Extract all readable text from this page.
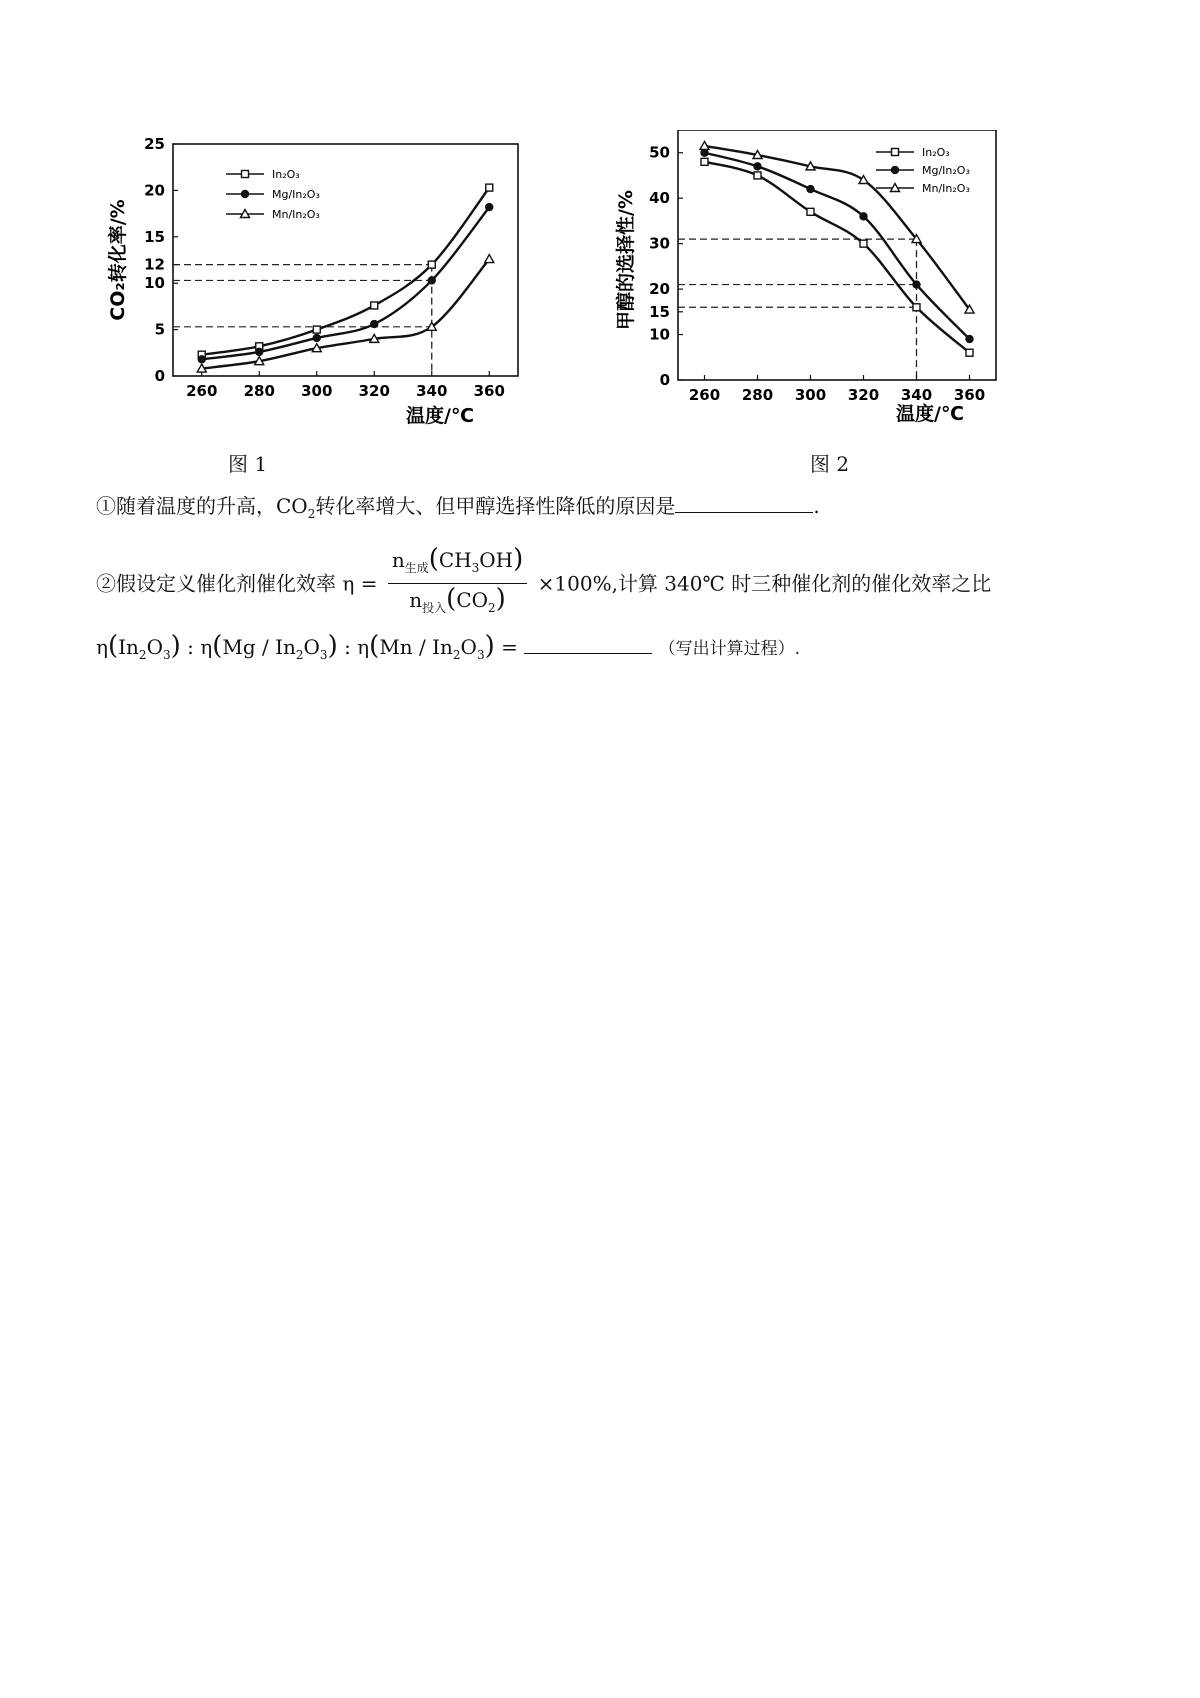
260 280 300 320 340 360
0
5
10
12
15
20
25
In₂O₃
Mg/In₂O₃
Mn/In₂O₃
温度/℃
CO₂转化率/%
图 1
260 280 300 320 340 360
0
10
15
20
30
40
50	In₂O₃
Mg/In₂O₃
Mn/In₂O₃
温度/℃
甲醇的选择性/%
图 2
①随着温度的升高，$CO_2$转化率增大、但甲醇选择性降低的原因是	.
②假设定义催化剂催化效率 $\eta = \frac{n_{生成}(CH_3OH)}{n_{投入}(CO_2)} \times 100\%$,计算 340℃ 时三种催化剂的催化效率之比
$\eta(In_2O_3)$ : $\eta(Mg / In_2O_3)$ : $\eta(Mn / In_2O_3)$ =	（写出计算过程）.
